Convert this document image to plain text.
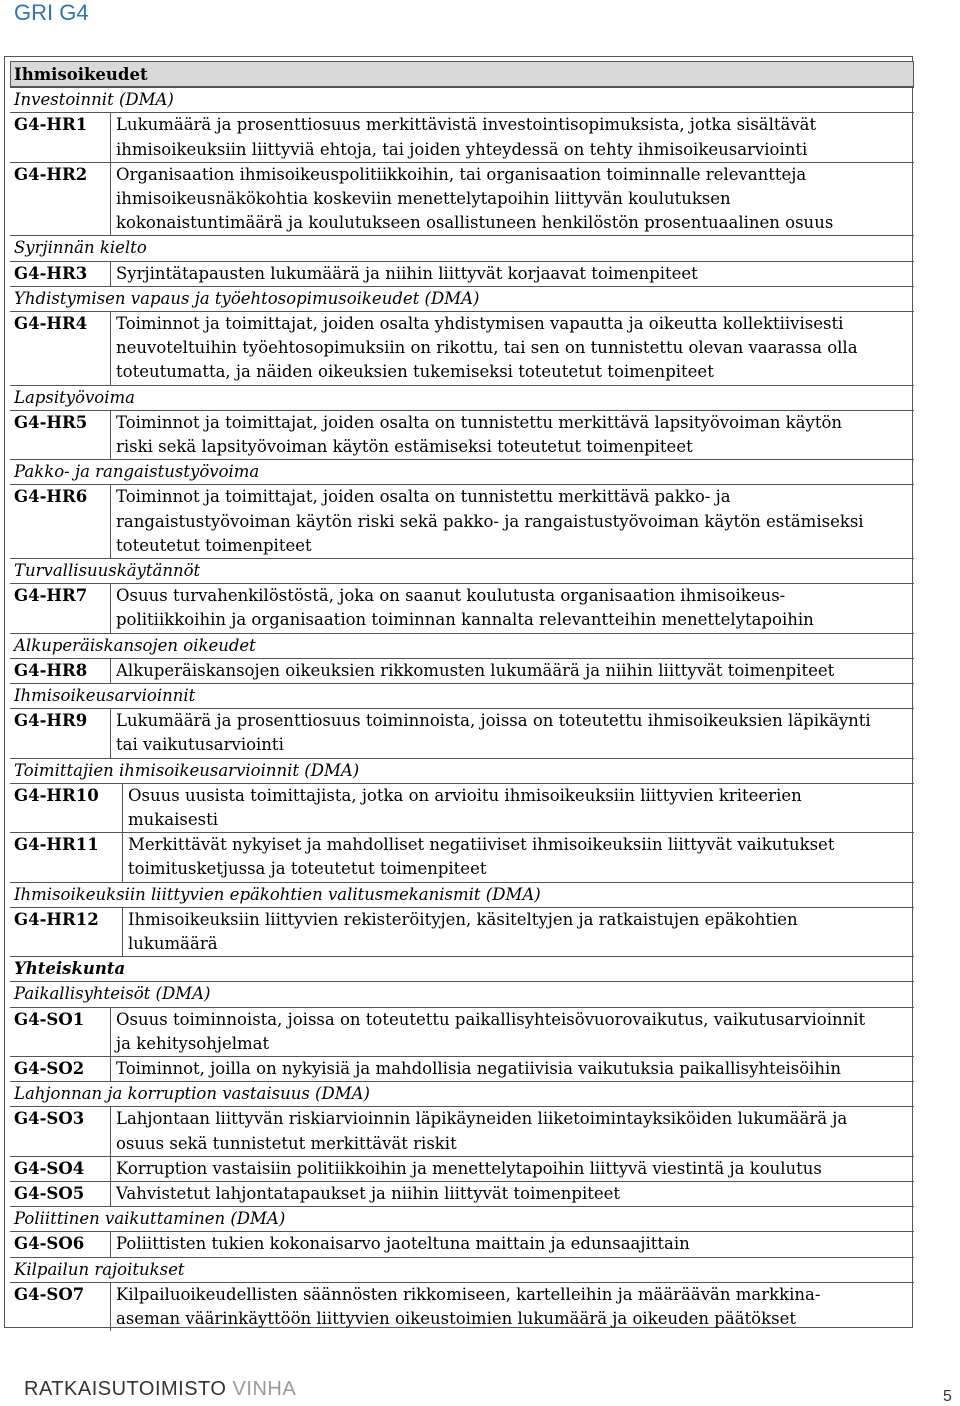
GRI G4
Ihmisoikeudet
Investoinnit (DMA)
G4-HR1 Lukumäärä ja prosenttiosuus merkittävistä investointisopimuksista, jotka sisältävät
ihmisoikeuksiin liittyviä ehtoja, tai joiden yhteydessä on tehty ihmisoikeusarviointi
G4-HR2 Organisaation ihmisoikeuspolitiikkoihin, tai organisaation toiminnalle relevantteja
ihmisoikeusnäkökohtia koskeviin menettelytapoihin liittyvän koulutuksen
kokonaistuntimäärä ja koulutukseen osallistuneen henkilöstön prosentuaalinen osuus
Syrjinnän kielto
G4-HR3 Syrjintätapausten lukumäärä ja niihin liittyvät korjaavat toimenpiteet
Yhdistymisen vapaus ja työehtosopimusoikeudet (DMA)
G4-HR4 Toiminnot ja toimittajat, joiden osalta yhdistymisen vapautta ja oikeutta kollektiivisesti
neuvoteltuihin työehtosopimuksiin on rikottu, tai sen on tunnistettu olevan vaarassa olla
toteutumatta, ja näiden oikeuksien tukemiseksi toteutetut toimenpiteet
Lapsityövoima
G4-HR5 Toiminnot ja toimittajat, joiden osalta on tunnistettu merkittävä lapsityövoiman käytön
riski sekä lapsityövoiman käytön estämiseksi toteutetut toimenpiteet
Pakko- ja rangaistustyövoima
G4-HR6 Toiminnot ja toimittajat, joiden osalta on tunnistettu merkittävä pakko- ja
rangaistustyövoiman käytön riski sekä pakko- ja rangaistustyövoiman käytön estämiseksi
toteutetut toimenpiteet
Turvallisuuskäytännöt
G4-HR7 Osuus turvahenkilöstöstä, joka on saanut koulutusta organisaation ihmisoikeus-
politiikkoihin ja organisaation toiminnan kannalta relevantteihin menettelytapoihin
Alkuperäiskansojen oikeudet
G4-HR8 Alkuperäiskansojen oikeuksien rikkomusten lukumäärä ja niihin liittyvät toimenpiteet
Ihmisoikeusarvioinnit
G4-HR9 Lukumäärä ja prosenttiosuus toiminnoista, joissa on toteutettu ihmisoikeuksien läpikäynti
tai vaikutusarviointi
Toimittajien ihmisoikeusarvioinnit (DMA)
G4-HR10 Osuus uusista toimittajista, jotka on arvioitu ihmisoikeuksiin liittyvien kriteerien
mukaisesti
G4-HR11 Merkittävät nykyiset ja mahdolliset negatiiviset ihmisoikeuksiin liittyvät vaikutukset
toimitusketjussa ja toteutetut toimenpiteet
Ihmisoikeuksiin liittyvien epäkohtien valitusmekanismit (DMA)
G4-HR12 Ihmisoikeuksiin liittyvien rekisteröityjen, käsiteltyjen ja ratkaistujen epäkohtien
lukumäärä
Yhteiskunta
Paikallisyhteisöt (DMA)
G4-SO1 Osuus toiminnoista, joissa on toteutettu paikallisyhteisövuorovaikutus, vaikutusarvioinnit
ja kehitysohjelmat
G4-SO2 Toiminnot, joilla on nykyisiä ja mahdollisia negatiivisia vaikutuksia paikallisyhteisöihin
Lahjonnan ja korruption vastaisuus (DMA)
G4-SO3 Lahjontaan liittyvän riskiarvioinnin läpikäyneiden liiketoimintayksiköiden lukumäärä ja
osuus sekä tunnistetut merkittävät riskit
G4-SO4 Korruption vastaisiin politiikkoihin ja menettelytapoihin liittyvä viestintä ja koulutus
G4-SO5 Vahvistetut lahjontatapaukset ja niihin liittyvät toimenpiteet
Poliittinen vaikuttaminen (DMA)
G4-SO6 Poliittisten tukien kokonaisarvo jaoteltuna maittain ja edunsaajittain
Kilpailun rajoitukset
G4-SO7 Kilpailuoikeudellisten säännösten rikkomiseen, kartelleihin ja määräävän markkina-
aseman väärinkäyttöön liittyvien oikeustoimien lukumäärä ja oikeuden päätökset
RATKAISUTOIMISTO VINHA	5
